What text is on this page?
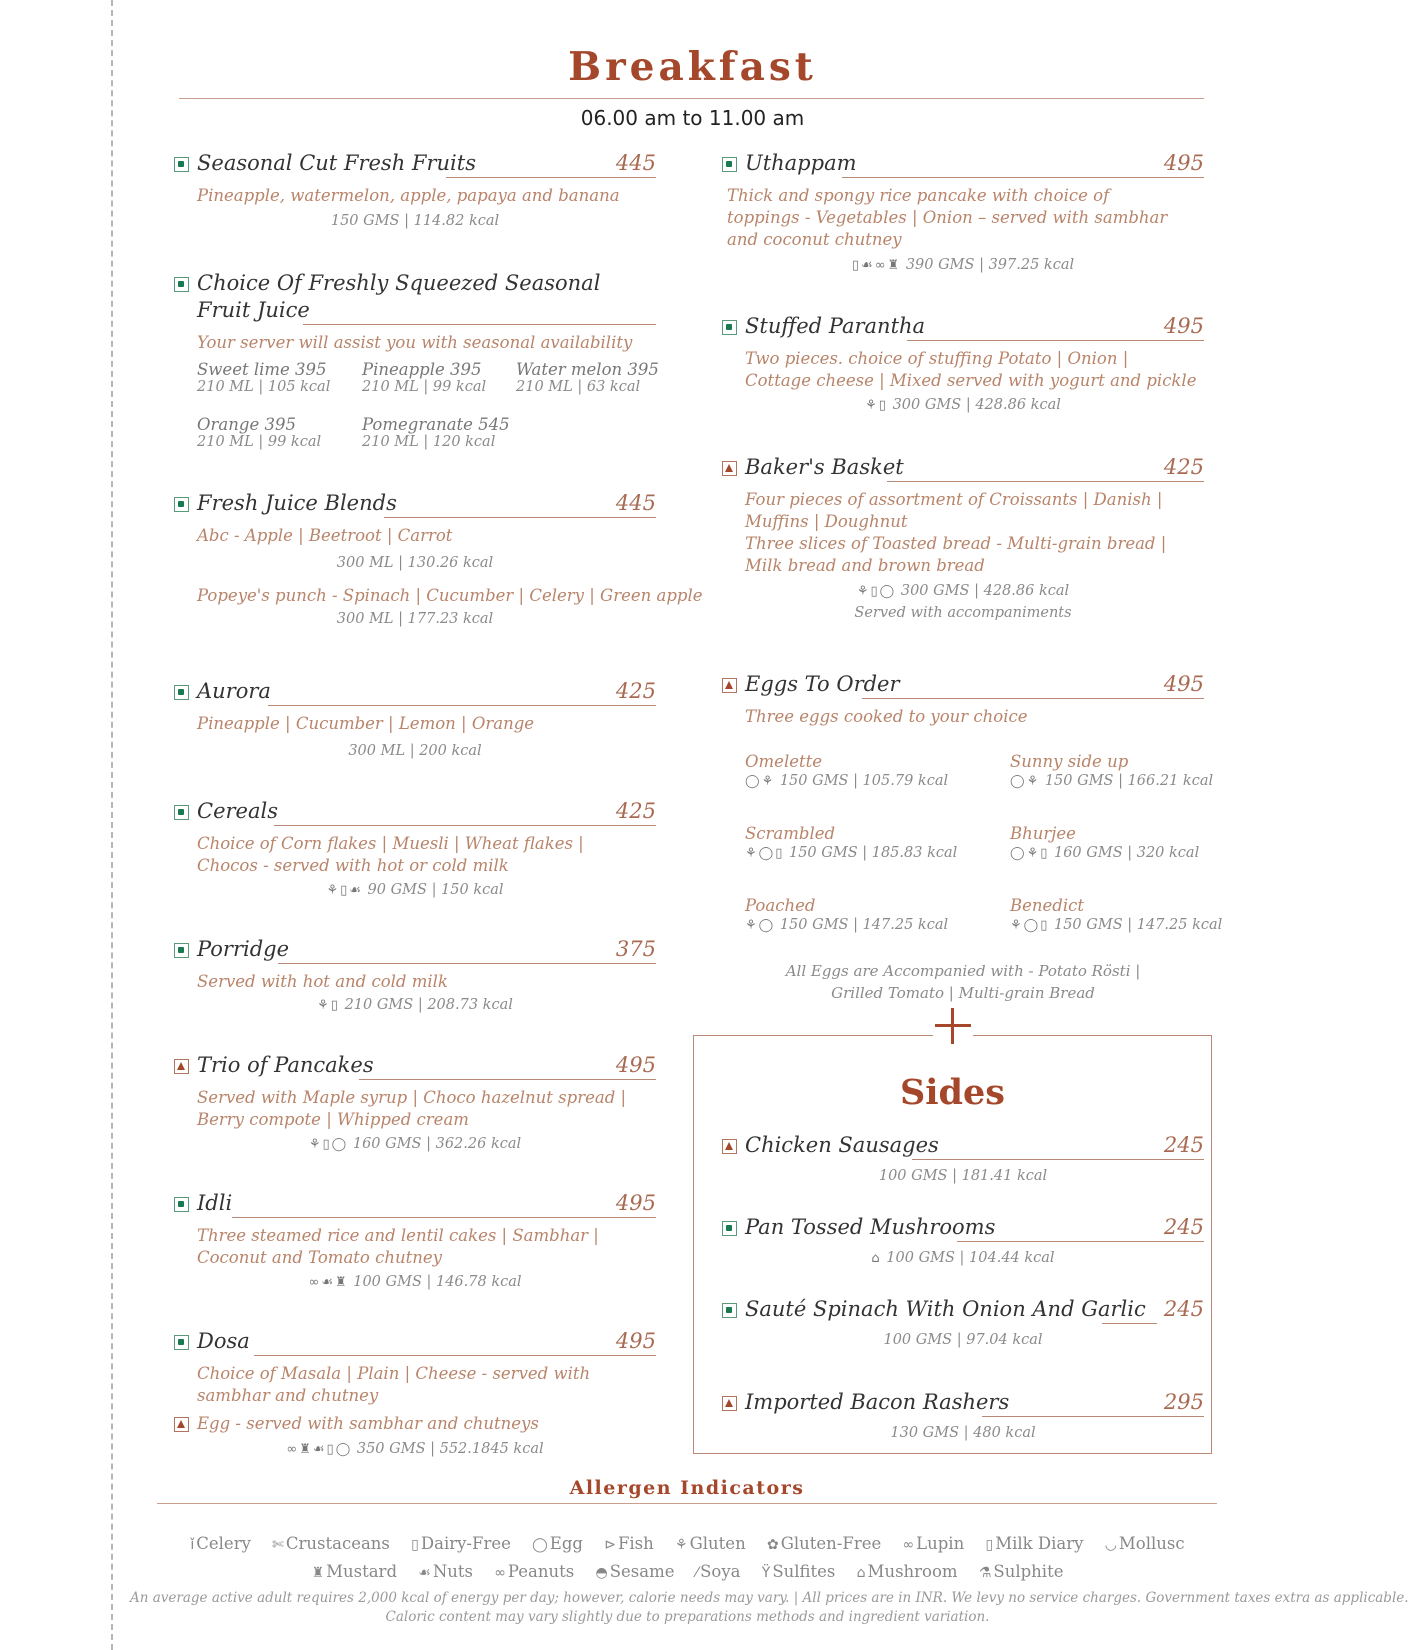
Breakfast
06.00 am to 11.00 am
Seasonal Cut Fresh Fruits	445
Pineapple, watermelon, apple, papaya and banana
150 GMS | 114.82 kcal
Choice Of Freshly Squeezed Seasonal
Fruit Juice
Your server will assist you with seasonal availability
Sweet lime 395
210 ML | 105 kcal
Pineapple 395
210 ML | 99 kcal
Water melon 395
210 ML | 63 kcal
Orange 395
210 ML | 99 kcal
Pomegranate 545
210 ML | 120 kcal
Fresh Juice Blends	445
Abc - Apple | Beetroot | Carrot
300 ML | 130.26 kcal
Popeye's punch - Spinach | Cucumber | Celery | Green apple
300 ML | 177.23 kcal
Aurora	425
Pineapple | Cucumber | Lemon | Orange
300 ML | 200 kcal
Cereals	425
Choice of Corn flakes | Muesli | Wheat flakes |
Chocos - served with hot or cold milk
⚘ ▯ ☙ 90 GMS | 150 kcal
Porridge	375
Served with hot and cold milk
⚘ ▯ 210 GMS | 208.73 kcal
Trio of Pancakes	495
Served with Maple syrup | Choco hazelnut spread |
Berry compote | Whipped cream
⚘ ▯ ◯ 160 GMS | 362.26 kcal
Idli	495
Three steamed rice and lentil cakes | Sambhar |
Coconut and Tomato chutney
∞ ☙ ♜ 100 GMS | 146.78 kcal
Dosa	495
Choice of Masala | Plain | Cheese - served with
sambhar and chutney
Egg - served with sambhar and chutneys
∞ ♜ ☙ ▯ ◯ 350 GMS | 552.1845 kcal
Uthappam	495
Thick and spongy rice pancake with choice of
toppings - Vegetables | Onion – served with sambhar
and coconut chutney
▯ ☙ ∞ ♜ 390 GMS | 397.25 kcal
Stuffed Parantha	495
Two pieces. choice of stuffing Potato | Onion |
Cottage cheese | Mixed served with yogurt and pickle
⚘ ▯ 300 GMS | 428.86 kcal
Baker's Basket	425
Four pieces of assortment of Croissants | Danish |
Muffins | Doughnut
Three slices of Toasted bread - Multi-grain bread |
Milk bread and brown bread
⚘ ▯ ◯ 300 GMS | 428.86 kcal
Served with accompaniments
Eggs To Order	495
Three eggs cooked to your choice
Omelette
◯ ⚘ 150 GMS | 105.79 kcal
Sunny side up
◯ ⚘ 150 GMS | 166.21 kcal
Scrambled
⚘ ◯ ▯ 150 GMS | 185.83 kcal
Bhurjee
◯ ⚘ ▯ 160 GMS | 320 kcal
Poached
⚘ ◯ 150 GMS | 147.25 kcal
Benedict
⚘ ◯ ▯ 150 GMS | 147.25 kcal
All Eggs are Accompanied with - Potato Rösti |
Grilled Tomato | Multi-grain Bread
Sides
Chicken Sausages	245
100 GMS | 181.41 kcal
Pan Tossed Mushrooms	245
⌂ 100 GMS | 104.44 kcal
Sauté Spinach With Onion And Garlic 245
100 GMS | 97.04 kcal
Imported Bacon Rashers	295
130 GMS | 480 kcal
Allergen Indicators
ǐ Celery ✄ Crustaceans ▯ Dairy-Free ◯ Egg ⊳ Fish ⚘ Gluten ✿ Gluten-Free ∞ Lupin ▯ Milk Diary ◡ Mollusc
♜ Mustard ☙ Nuts ∞ Peanuts ◓ Sesame ⁄ Soya Ÿ Sulfites ⌂ Mushroom ⚗ Sulphite
An average active adult requires 2,000 kcal of energy per day; however, calorie needs may vary. | All prices are in INR. We levy no service charges. Government taxes extra as applicable.
Caloric content may vary slightly due to preparations methods and ingredient variation.
